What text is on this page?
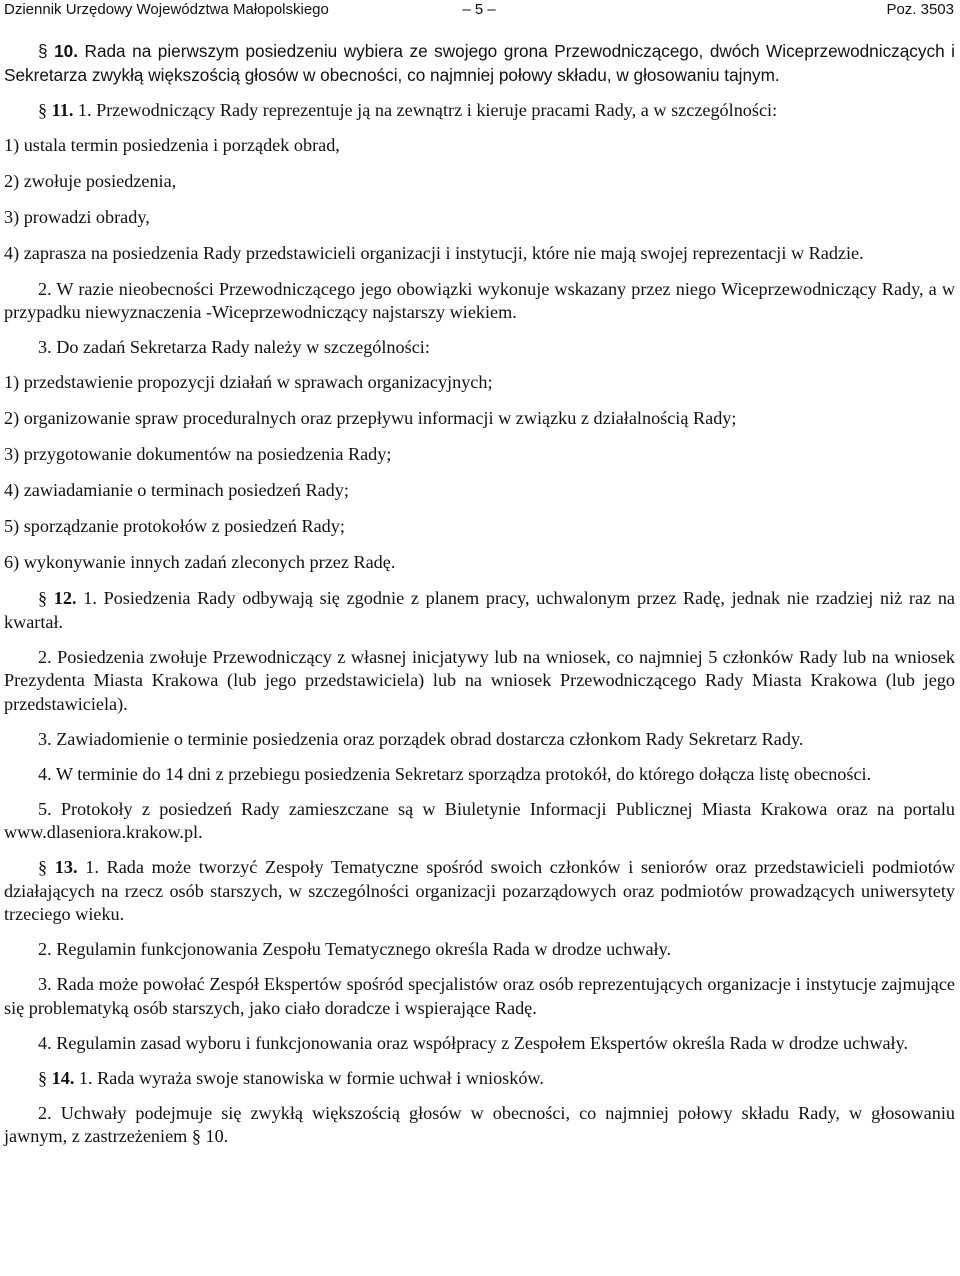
Dziennik Urzędowy Województwa Małopolskiego	– 5 –	Poz. 3503

§ 10. Rada na pierwszym posiedzeniu wybiera ze swojego grona Przewodniczącego, dwóch Wiceprzewodniczących i Sekretarza zwykłą większością głosów w obecności, co najmniej połowy składu, w głosowaniu tajnym.

§ 11. 1. Przewodniczący Rady reprezentuje ją na zewnątrz i kieruje pracami Rady, a w szczególności:

1) ustala termin posiedzenia i porządek obrad,

2) zwołuje posiedzenia,

3) prowadzi obrady,

4) zaprasza na posiedzenia Rady przedstawicieli organizacji i instytucji, które nie mają swojej reprezentacji w Radzie.

2. W razie nieobecności Przewodniczącego jego obowiązki wykonuje wskazany przez niego Wiceprzewodniczący Rady, a w przypadku niewyznaczenia -Wiceprzewodniczący najstarszy wiekiem.

3. Do zadań Sekretarza Rady należy w szczególności:

1) przedstawienie propozycji działań w sprawach organizacyjnych;

2) organizowanie spraw proceduralnych oraz przepływu informacji w związku z działalnością Rady;

3) przygotowanie dokumentów na posiedzenia Rady;

4) zawiadamianie o terminach posiedzeń Rady;

5) sporządzanie protokołów z posiedzeń Rady;

6) wykonywanie innych zadań zleconych przez Radę.

§ 12. 1. Posiedzenia Rady odbywają się zgodnie z planem pracy, uchwalonym przez Radę, jednak nie rzadziej niż raz na kwartał.

2. Posiedzenia zwołuje Przewodniczący z własnej inicjatywy lub na wniosek, co najmniej 5 członków Rady lub na wniosek Prezydenta Miasta Krakowa (lub jego przedstawiciela) lub na wniosek Przewodniczącego Rady Miasta Krakowa (lub jego przedstawiciela).

3. Zawiadomienie o terminie posiedzenia oraz porządek obrad dostarcza członkom Rady Sekretarz Rady.

4. W terminie do 14 dni z przebiegu posiedzenia Sekretarz sporządza protokół, do którego dołącza listę obecności.

5. Protokoły z posiedzeń Rady zamieszczane są w Biuletynie Informacji Publicznej Miasta Krakowa oraz na portalu www.dlaseniora.krakow.pl.

§ 13. 1. Rada może tworzyć Zespoły Tematyczne spośród swoich członków i seniorów oraz przedstawicieli podmiotów działających na rzecz osób starszych, w szczególności organizacji pozarządowych oraz podmiotów prowadzących uniwersytety trzeciego wieku.

2. Regulamin funkcjonowania Zespołu Tematycznego określa Rada w drodze uchwały.

3. Rada może powołać Zespół Ekspertów spośród specjalistów oraz osób reprezentujących organizacje i instytucje zajmujące się problematyką osób starszych, jako ciało doradcze i wspierające Radę.

4. Regulamin zasad wyboru i funkcjonowania oraz współpracy z Zespołem Ekspertów określa Rada w drodze uchwały.

§ 14. 1. Rada wyraża swoje stanowiska w formie uchwał i wniosków.

2. Uchwały podejmuje się zwykłą większością głosów w obecności, co najmniej połowy składu Rady, w głosowaniu jawnym, z zastrzeżeniem § 10.
